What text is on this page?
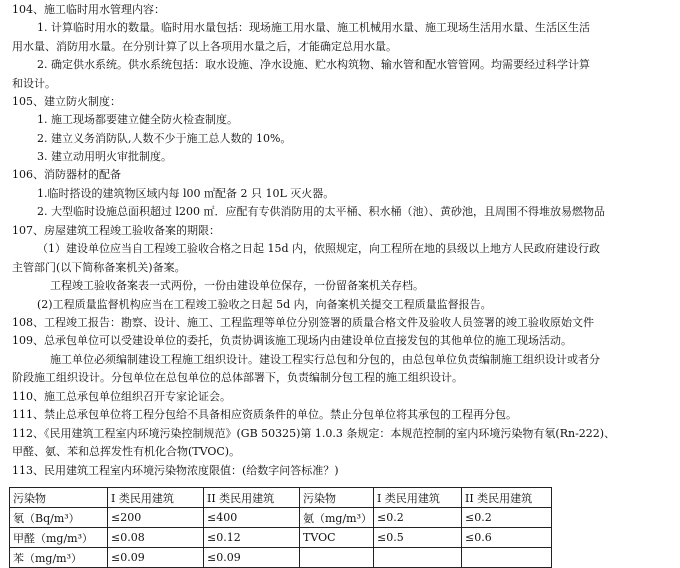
104、施工临时用水管理内容：
1. 计算临时用水的数量。临时用水量包括：现场施工用水量、施工机械用水量、施工现场生活用水量、生活区生活
用水量、消防用水量。在分别计算了以上各项用水量之后，才能确定总用水量。
2. 确定供水系统。供水系统包括：取水设施、净水设施、贮水构筑物、输水管和配水管管网。均需要经过科学计算
和设计。
105、建立防火制度：
1. 施工现场都要建立健全防火检查制度。
2. 建立义务消防队,人数不少于施工总人数的 10%。
3. 建立动用明火审批制度。
106、消防器材的配备
1.临时搭设的建筑物区域内每 l00 ㎡配备 2 只 10L 灭火器。
2. 大型临时设施总面积超过 l200 ㎡．应配有专供消防用的太平桶、积水桶（池）、黄砂池，且周围不得堆放易燃物品
107、房屋建筑工程竣工验收备案的期限：
（1）建设单位应当自工程竣工验收合格之日起 15d 内，依照规定，向工程所在地的县级以上地方人民政府建设行政
主管部门(以下简称备案机关)备案。
工程竣工验收备案表一式两份，一份由建设单位保存，一份留备案机关存档。
(2)工程质量监督机构应当在工程竣工验收之日起 5d 内，向备案机关提交工程质量监督报告。
108、工程竣工报告：勘察、设计、施工、工程监理等单位分别签署的质量合格文件及验收人员签署的竣工验收原始文件
109、总承包单位可以受建设单位的委托，负责协调该施工现场内由建设单位直接发包的其他单位的施工现场活动。
施工单位必须编制建设工程施工组织设计。建设工程实行总包和分包的，由总包单位负责编制施工组织设计或者分
阶段施工组织设计。分包单位在总包单位的总体部署下，负责编制分包工程的施工组织设计。
110、施工总承包单位组织召开专家论证会。
111、禁止总承包单位将工程分包给不具备相应资质条件的单位。禁止分包单位将其承包的工程再分包。
112、《民用建筑工程室内环境污染控制规范》(GB 50325)第 1.0.3 条规定：本规范控制的室内环境污染物有氡(Rn-222)、
甲醛、氨、苯和总挥发性有机化合物(TVOC)。
113、民用建筑工程室内环境污染物浓度限值：(给数字问答标准？)
污染物	I 类民用建筑	II 类民用建筑	污染物	I 类民用建筑	II 类民用建筑
氡（Bq/m³）	≤200	≤400	氨（mg/m³）	≤0.2	≤0.2
甲醛（mg/m³）	≤0.08	≤0.12	TVOC	≤0.5	≤0.6
苯（mg/m³）	≤0.09	≤0.09			
